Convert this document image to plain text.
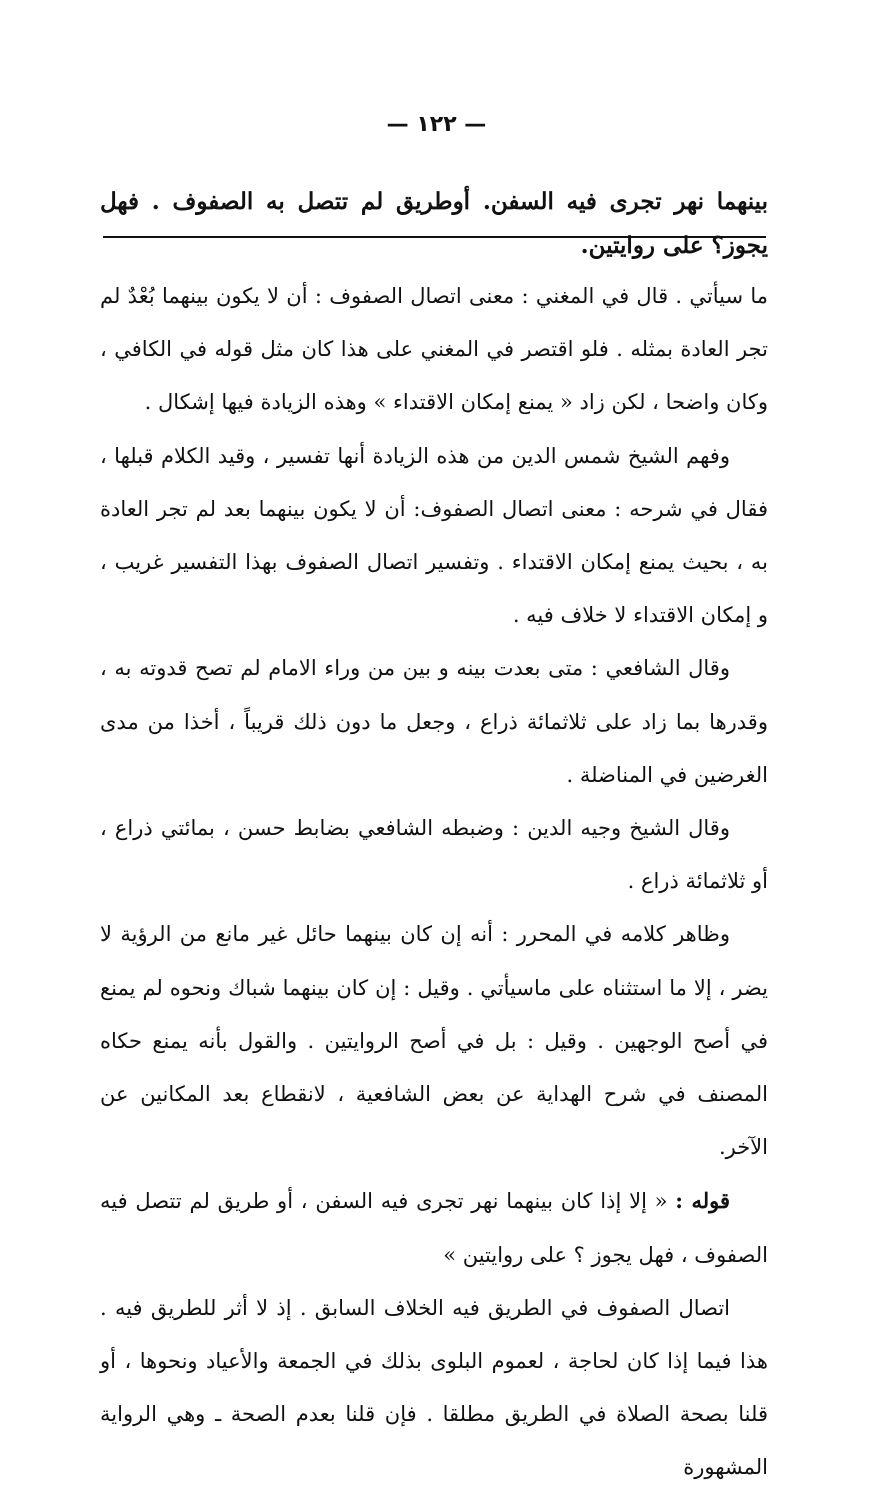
— ١٢٢ —
بينهما نهر تجرى فيه السفن. أوطريق لم تتصل به الصفوف . فهل يجوز؟ على روايتين.

ما سيأتي . قال في المغني : معنى اتصال الصفوف : أن لا يكون بينهما بُعْدٌ لم تجر العادة بمثله . فلو اقتصر في المغني على هذا كان مثل قوله في الكافي ، وكان واضحا ، لكن زاد « يمنع إمكان الاقتداء » وهذه الزيادة فيها إشكال .

وفهم الشيخ شمس الدين من هذه الزيادة أنها تفسير ، وقيد الكلام قبلها ، فقال في شرحه : معنى اتصال الصفوف: أن لا يكون بينهما بعد لم تجر العادة به ، بحيث يمنع إمكان الاقتداء . وتفسير اتصال الصفوف بهذا التفسير غريب ، و إمكان الاقتداء لا خلاف فيه .

وقال الشافعي : متى بعدت بينه و بين من وراء الامام لم تصح قدوته به ، وقدرها بما زاد على ثلاثمائة ذراع ، وجعل ما دون ذلك قريباً ، أخذا من مدى الغرضين في المناضلة .

وقال الشيخ وجيه الدين : وضبطه الشافعي بضابط حسن ، بمائتي ذراع ، أو ثلاثمائة ذراع .

وظاهر كلامه في المحرر : أنه إن كان بينهما حائل غير مانع من الرؤية لا يضر ، إلا ما استثناه على ماسيأتي . وقيل : إن كان بينهما شباك ونحوه لم يمنع في أصح الوجهين . وقيل : بل في أصح الروايتين . والقول بأنه يمنع حكاه المصنف في شرح الهداية عن بعض الشافعية ، لانقطاع بعد المكانين عن الآخر.

قوله : « إلا إذا كان بينهما نهر تجرى فيه السفن ، أو طريق لم تتصل فيه الصفوف ، فهل يجوز ؟ على روايتين »

اتصال الصفوف في الطريق فيه الخلاف السابق . إذ لا أثر للطريق فيه . هذا فيما إذا كان لحاجة ، لعموم البلوى بذلك في الجمعة والأعياد ونحوها ، أو قلنا بصحة الصلاة في الطريق مطلقا . فإن قلنا بعدم الصحة ـ وهي الرواية المشهورة
